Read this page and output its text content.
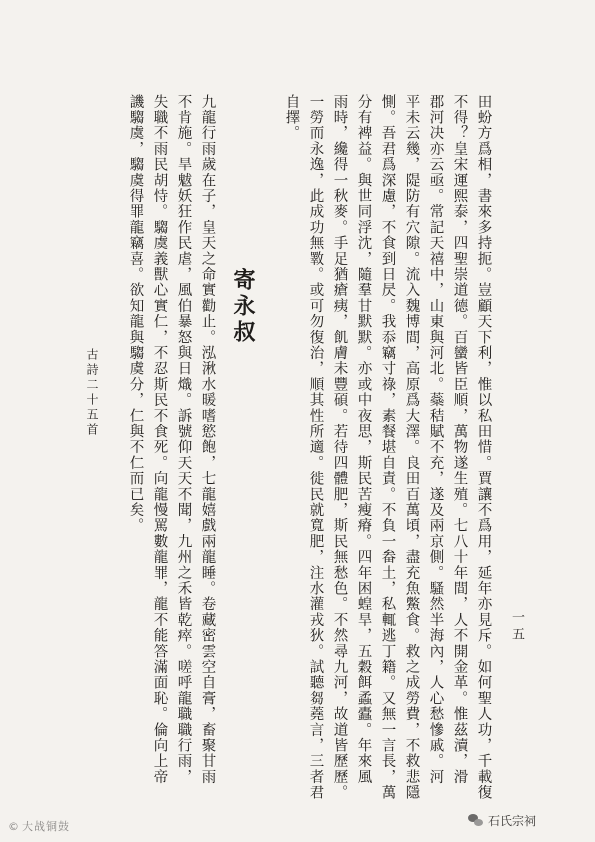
田蚡方爲相，書來多持扼。豈顧天下利，惟以私田惜。賈讓不爲用，延年亦見斥。如何聖人功，千載復
不得？皇宋運熙泰，四聖崇道德。百蠻皆臣順，萬物遂生殖。七八十年間，人不開金革。惟茲瀆，滑
郡河决亦云亟。常記天禧中，山東與河北。蘂秸賦不充，遂及兩京側。騷然半海內，人心愁慘戚。河
平未云幾，隄防有穴隙。流入魏博間，高原爲大澤。良田百萬頃，盡充魚鱉食。救之成勞費，不救悲隱
惻。吾君爲深慮，不食到日昃。我忝竊寸祿，素餐堪自責。不負一畚土，私輒逃丁籍。又無一言長，萬
分有裨益。與世同浮沈，隨羣甘默默。亦或中夜思，斯民苦瘦瘠。四年困蝗旱，五穀餌蟊蠹。年來風
雨時，纔得一秋麥。手足猶瘡痍，飢膚未豐碩。若待四體肥，斯民無愁色。不然尋九河，故道皆歷歷。
一勞而永逸，此成功無斁。或可勿復治，順其性所適。徙民就寬肥，注水灌戎狄。試聽芻蕘言，三者君
自擇。
寄永叔
九龍行雨歲在子，皇天之命實勸止。泓湫水暖嗜慾飽，七龍嬉戲兩龍睡。卷藏密雲空自膏，畜聚甘雨
不肯施。旱魃妖狂作民虐，風伯暴怒與日熾。訴號仰天天不聞，九州之禾皆乾瘁。嗟呼龍職職行雨，
失職不雨民胡恃。騶虞義獸心實仁，不忍斯民不食死。向龍慢罵數龍罪，龍不能答滿面恥。倫向上帝
譏騶虞，騶虞得罪龍竊喜。欲知龍與騶虞分，仁與不仁而已矣。
古詩二十五首
一五
© 大战铜鼓	石氏宗祠
